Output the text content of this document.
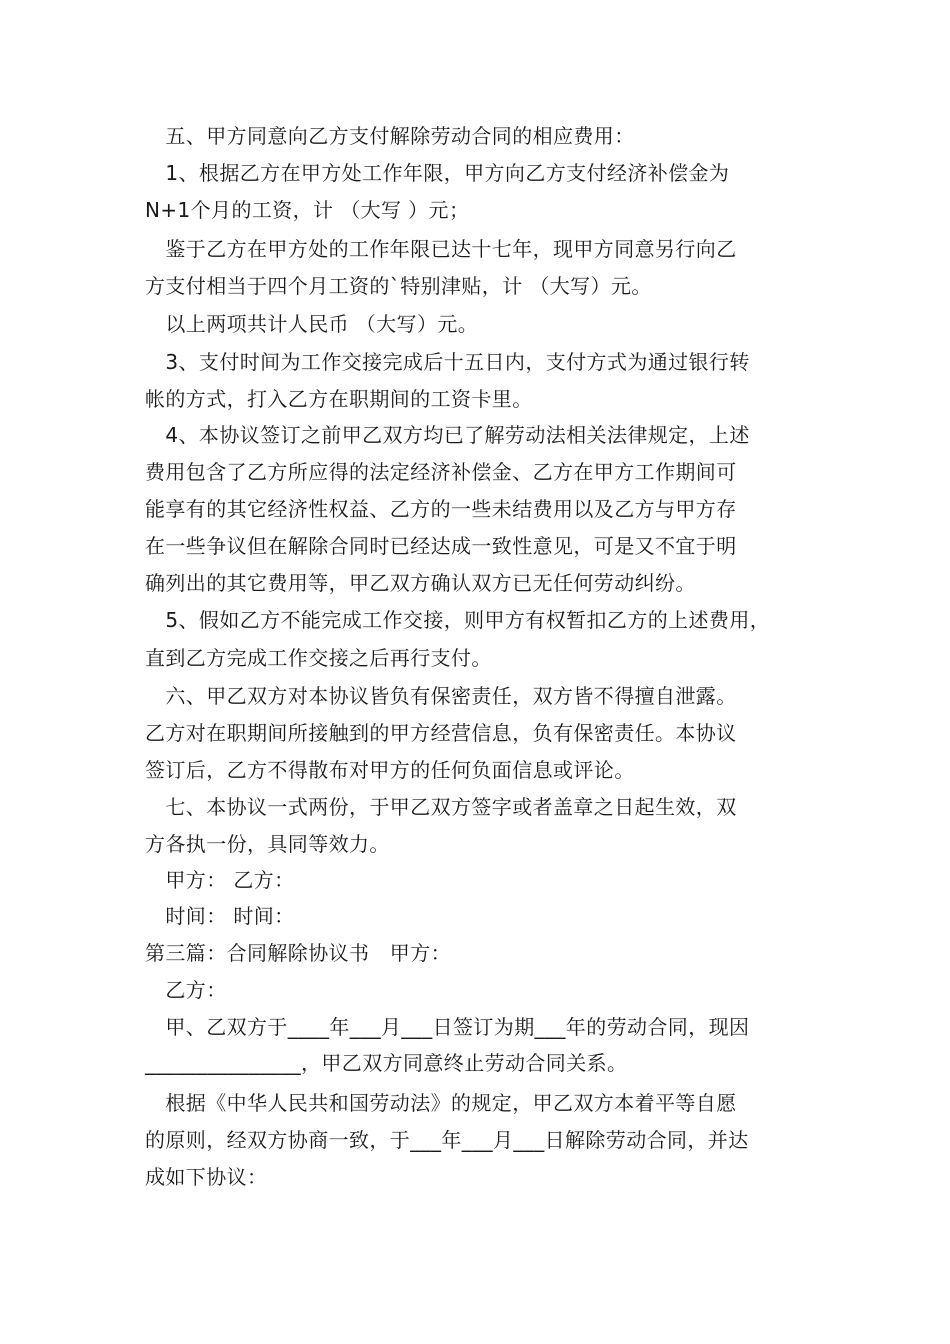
　五、甲方同意向乙方支付解除劳动合同的相应费用：
　1、根据乙方在甲方处工作年限，甲方向乙方支付经济补偿金为
N+1个月的工资，计 （大写 ）元；
　鉴于乙方在甲方处的工作年限已达十七年，现甲方同意另行向乙
方支付相当于四个月工资的`特别津贴，计 （大写）元。
　以上两项共计人民币 （大写）元。
　3、支付时间为工作交接完成后十五日内，支付方式为通过银行转
帐的方式，打入乙方在职期间的工资卡里。
　4、本协议签订之前甲乙双方均已了解劳动法相关法律规定，上述
费用包含了乙方所应得的法定经济补偿金、乙方在甲方工作期间可
能享有的其它经济性权益、乙方的一些未结费用以及乙方与甲方存
在一些争议但在解除合同时已经达成一致性意见，可是又不宜于明
确列出的其它费用等，甲乙双方确认双方已无任何劳动纠纷。
　5、假如乙方不能完成工作交接，则甲方有权暂扣乙方的上述费用，
直到乙方完成工作交接之后再行支付。
　六、甲乙双方对本协议皆负有保密责任，双方皆不得擅自泄露。
乙方对在职期间所接触到的甲方经营信息，负有保密责任。本协议
签订后，乙方不得散布对甲方的任何负面信息或评论。
　七、本协议一式两份，于甲乙双方签字或者盖章之日起生效，双
方各执一份，具同等效力。
　甲方： 乙方：
　时间： 时间：
第三篇：合同解除协议书　甲方：
　乙方：
　甲、乙双方于____年___月___日签订为期___年的劳动合同，现因
_______________，甲乙双方同意终止劳动合同关系。
　根据《中华人民共和国劳动法》的规定，甲乙双方本着平等自愿
的原则，经双方协商一致，于___年___月___日解除劳动合同，并达
成如下协议：
